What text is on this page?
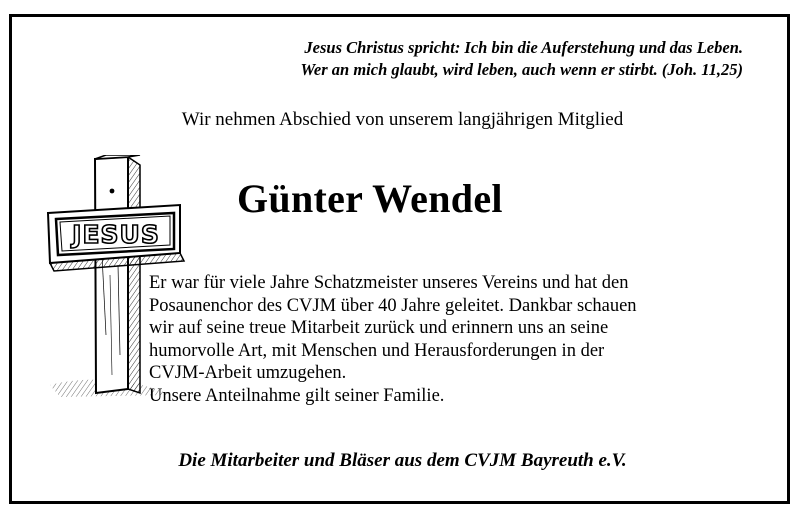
Jesus Christus spricht: Ich bin die Auferstehung und das Leben.
Wer an mich glaubt, wird leben, auch wenn er stirbt. (Joh. 11,25)
Wir nehmen Abschied von unserem langjährigen Mitglied
Günter Wendel
JESUS
Er war für viele Jahre Schatzmeister unseres Vereins und hat den
Posaunenchor des CVJM über 40 Jahre geleitet. Dankbar schauen
wir auf seine treue Mitarbeit zurück und erinnern uns an seine
humorvolle Art, mit Menschen und Herausforderungen in der
CVJM-Arbeit umzugehen.
Unsere Anteilnahme gilt seiner Familie.
Die Mitarbeiter und Bläser aus dem CVJM Bayreuth e.V.
